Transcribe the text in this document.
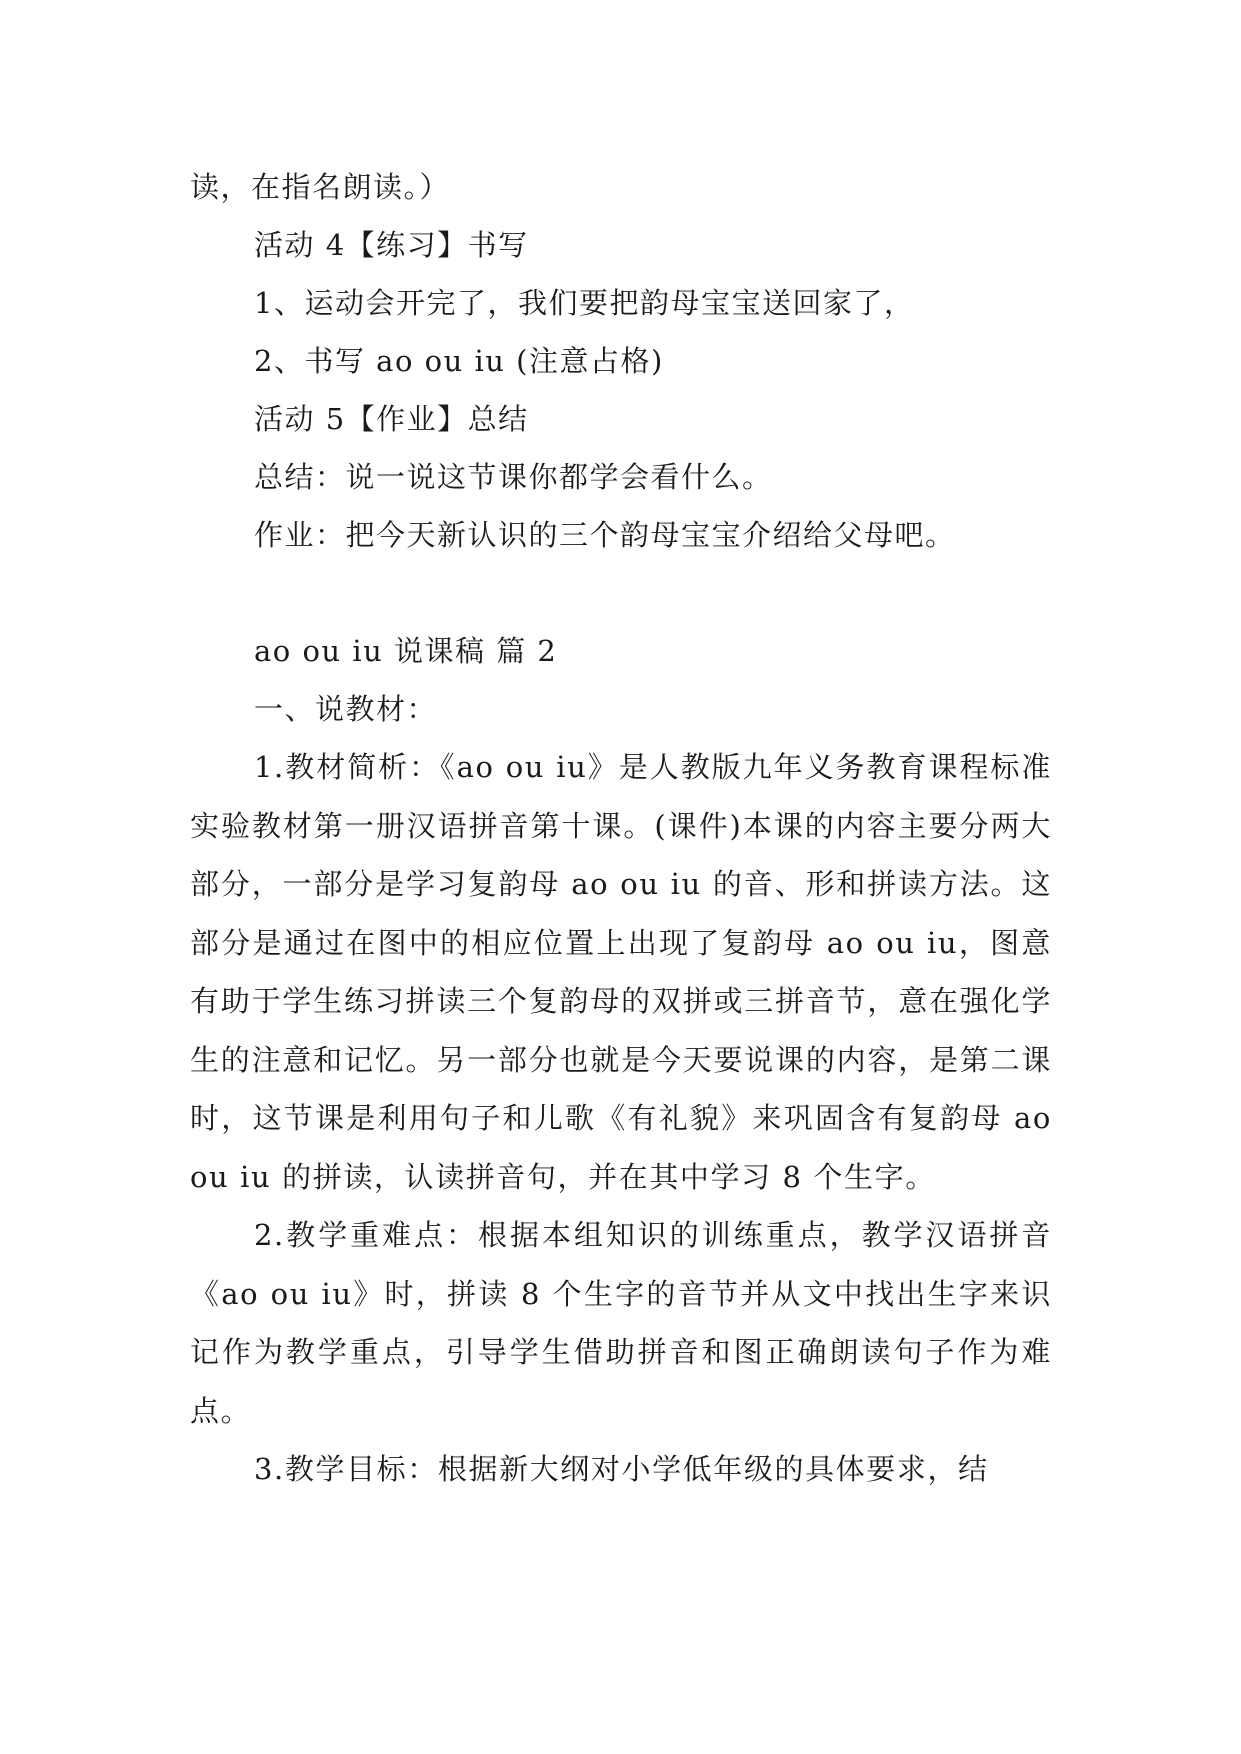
读，在指名朗读。）
活动 4【练习】书写
1、运动会开完了，我们要把韵母宝宝送回家了，
2、书写 ao ou iu (注意占格)
活动 5【作业】总结
总结：说一说这节课你都学会看什么。
作业：把今天新认识的三个韵母宝宝介绍给父母吧。
ao ou iu 说课稿 篇 2
一、说教材：

1.教材简析：《ao ou iu》是人教版九年义务教育课程标准实验教材第一册汉语拼音第十课。(课件)本课的内容主要分两大部分，一部分是学习复韵母 ao ou iu 的音、形和拼读方法。这部分是通过在图中的相应位置上出现了复韵母 ao ou iu，图意有助于学生练习拼读三个复韵母的双拼或三拼音节，意在强化学生的注意和记忆。另一部分也就是今天要说课的内容，是第二课时，这节课是利用句子和儿歌《有礼貌》来巩固含有复韵母 ao ou iu 的拼读，认读拼音句，并在其中学习 8 个生字。

2.教学重难点：根据本组知识的训练重点，教学汉语拼音《ao ou iu》时，拼读 8 个生字的音节并从文中找出生字来识记作为教学重点，引导学生借助拼音和图正确朗读句子作为难点。

3.教学目标：根据新大纲对小学低年级的具体要求，结
